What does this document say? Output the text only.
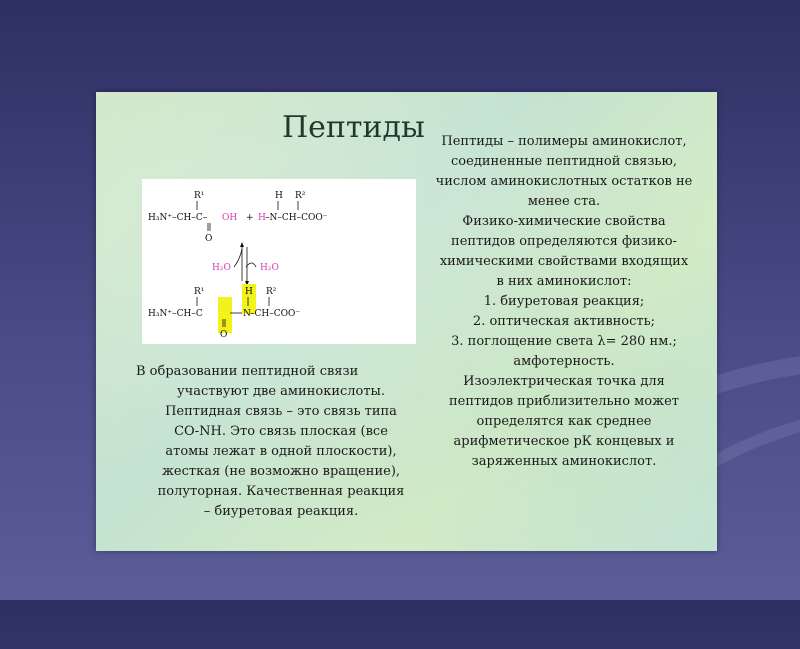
Пептиды
R¹
H₃N⁺–CH–C–
O
OH + H
H R²
–N–CH–COO⁻
H₂O	H₂O
R¹	H R²
H₃N⁺–CH–C	N –CH–COO⁻
O
Пептиды – полимеры аминокислот,
соединенные пептидной связью,
числом аминокислотных остатков не
менее ста.
Физико-химические свойства
пептидов определяются физико-
химическими свойствами входящих
в них аминокислот:
1. биуретовая реакция;
2. оптическая активность;
3. поглощение света λ= 280 нм.;
амфотерность.
Изоэлектрическая точка для
пептидов приблизительно может
определятся как среднее
арифметическое рК концевых и
заряженных аминокислот.
В образовании пептидной связи
участвуют две аминокислоты.
Пептидная связь – это связь типа
СО-NH. Это связь плоская (все
атомы лежат в одной плоскости),
жесткая (не возможно вращение),
полуторная. Качественная реакция
– биуретовая реакция.
